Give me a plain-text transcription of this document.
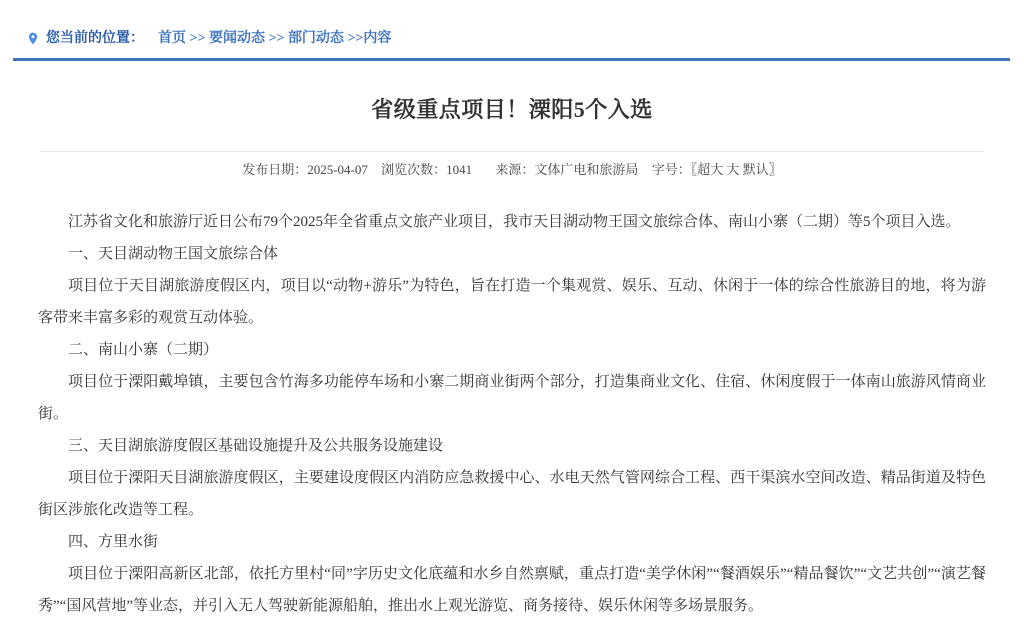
您当前的位置： 首页 >> 要闻动态 >> 部门动态 >>内容
省级重点项目！溧阳5个入选
发布日期：2025-04-07 浏览次数：1041 来源：文体广电和旅游局 字号：〖超大 大 默认〗

江苏省文化和旅游厅近日公布79个2025年全省重点文旅产业项目，我市天目湖动物王国文旅综合体、南山小寨（二期）等5个项目入选。

一、天目湖动物王国文旅综合体

项目位于天目湖旅游度假区内，项目以“动物+游乐”为特色，旨在打造一个集观赏、娱乐、互动、休闲于一体的综合性旅游目的地，将为游客带来丰富多彩的观赏互动体验。

二、南山小寨（二期）

项目位于溧阳戴埠镇，主要包含竹海多功能停车场和小寨二期商业街两个部分，打造集商业文化、住宿、休闲度假于一体南山旅游风情商业街。

三、天目湖旅游度假区基础设施提升及公共服务设施建设

项目位于溧阳天目湖旅游度假区，主要建设度假区内消防应急救援中心、水电天然气管网综合工程、西干渠滨水空间改造、精品街道及特色街区涉旅化改造等工程。

四、方里水街

项目位于溧阳高新区北部，依托方里村“同”字历史文化底蕴和水乡自然禀赋，重点打造“美学休闲”“餐酒娱乐”“精品餐饮”“文艺共创”“演艺餐秀”“国风营地”等业态，并引入无人驾驶新能源船舶，推出水上观光游览、商务接待、娱乐休闲等多场景服务。
